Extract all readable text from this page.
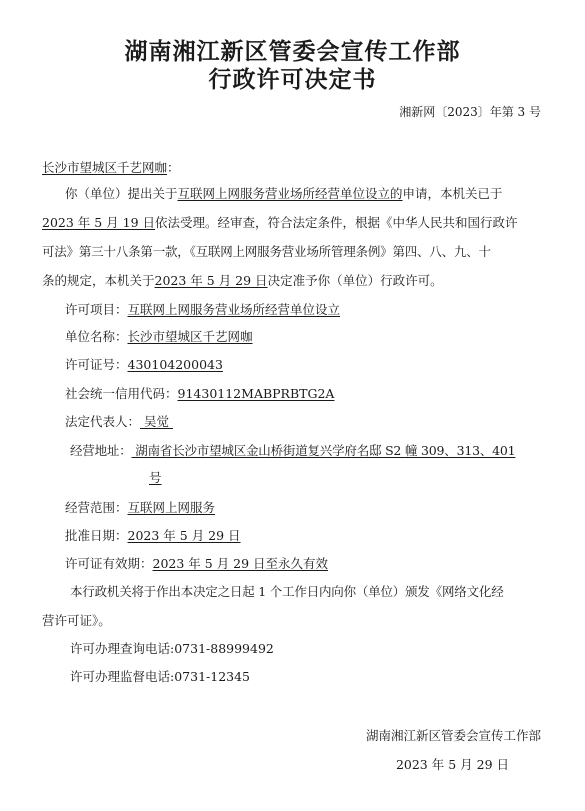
湖南湘江新区管委会宣传工作部
行政许可决定书
湘新网〔2023〕年第 3 号
长沙市望城区千艺网咖：
你（单位）提出关于互联网上网服务营业场所经营单位设立的申请，本机关已于
2023 年 5 月 19 日依法受理。经审查，符合法定条件，根据《中华人民共和国行政许
可法》第三十八条第一款，《互联网上网服务营业场所管理条例》第四、八、九、十
条的规定，本机关于2023 年 5 月 29 日决定准予你（单位）行政许可。
许可项目：互联网上网服务营业场所经营单位设立
单位名称：长沙市望城区千艺网咖
许可证号：430104200043
社会统一信用代码：91430112MABPRBTG2A
法定代表人： 吴觉
经营地址： 湖南省长沙市望城区金山桥街道复兴学府名邸 S2 幢 309、313、401
号
经营范围：互联网上网服务
批准日期：2023 年 5 月 29 日
许可证有效期：2023 年 5 月 29 日至永久有效
本行政机关将于作出本决定之日起 1 个工作日内向你（单位）颁发《网络文化经
营许可证》。
许可办理查询电话:0731-88999492
许可办理监督电话:0731-12345
湖南湘江新区管委会宣传工作部
2023 年 5 月 29 日
